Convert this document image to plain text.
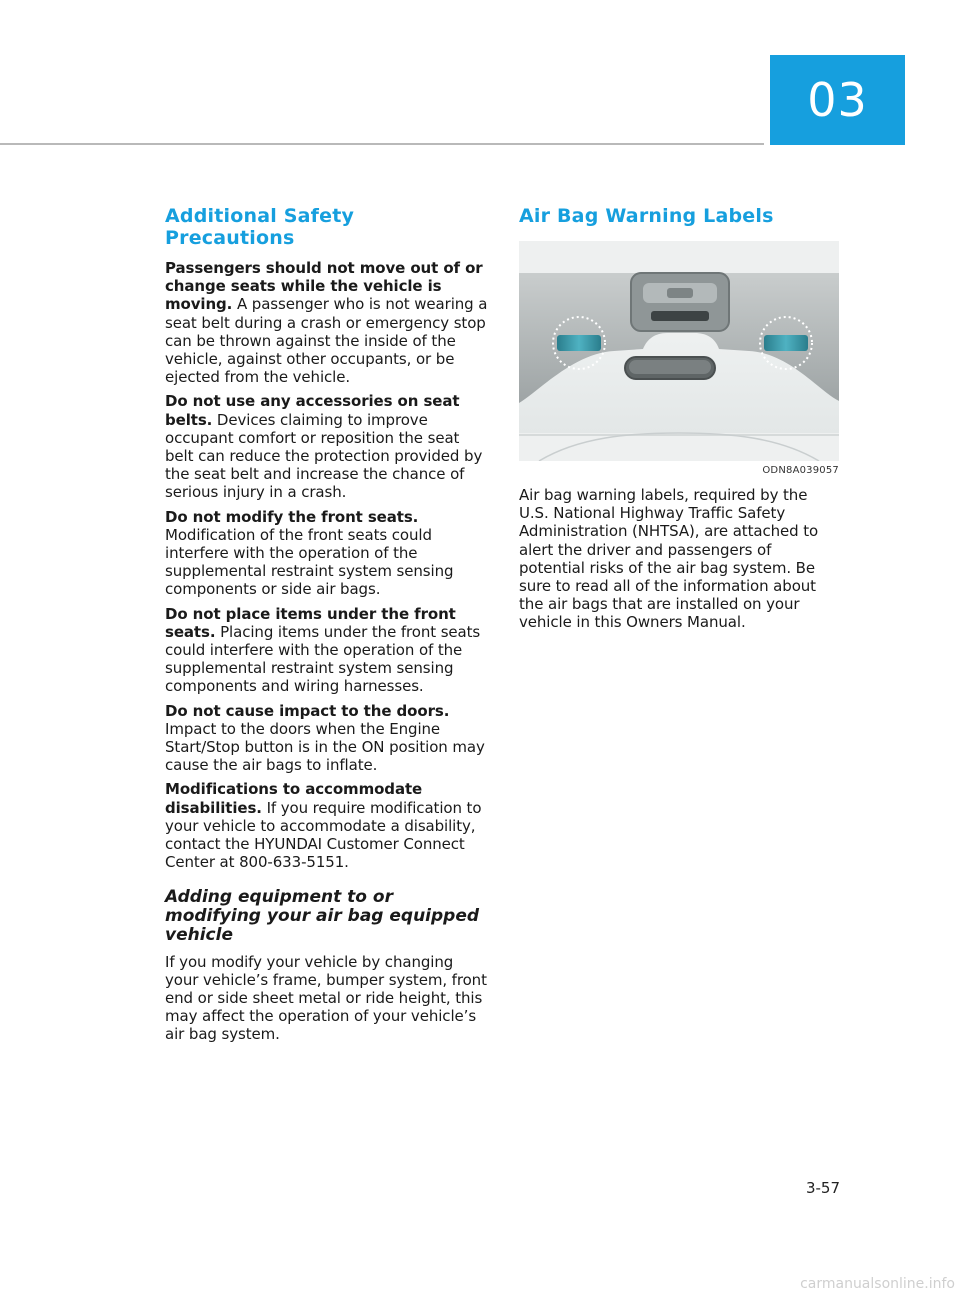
03
Additional Safety Precautions

Passengers should not move out of or change seats while the vehicle is moving. A passenger who is not wearing a seat belt during a crash or emergency stop can be thrown against the inside of the vehicle, against other occupants, or be ejected from the vehicle.

Do not use any accessories on seat belts. Devices claiming to improve occupant comfort or reposition the seat belt can reduce the protection provided by the seat belt and increase the chance of serious injury in a crash.

Do not modify the front seats. Modification of the front seats could interfere with the operation of the supplemental restraint system sensing components or side air bags.

Do not place items under the front seats. Placing items under the front seats could interfere with the operation of the supplemental restraint system sensing components and wiring harnesses.

Do not cause impact to the doors. Impact to the doors when the Engine Start/Stop button is in the ON position may cause the air bags to inflate.

Modifications to accommodate disabilities. If you require modification to your vehicle to accommodate a disability, contact the HYUNDAI Customer Connect Center at 800-633-5151.

Adding equipment to or modifying your air bag equipped vehicle

If you modify your vehicle by changing your vehicle’s frame, bumper system, front end or side sheet metal or ride height, this may affect the operation of your vehicle’s air bag system.

Air Bag Warning Labels
ODN8A039057

Air bag warning labels, required by the U.S. National Highway Traffic Safety Administration (NHTSA), are attached to alert the driver and passengers of potential risks of the air bag system. Be sure to read all of the information about the air bags that are installed on your vehicle in this Owners Manual.

3-57
carmanualsonline.info
